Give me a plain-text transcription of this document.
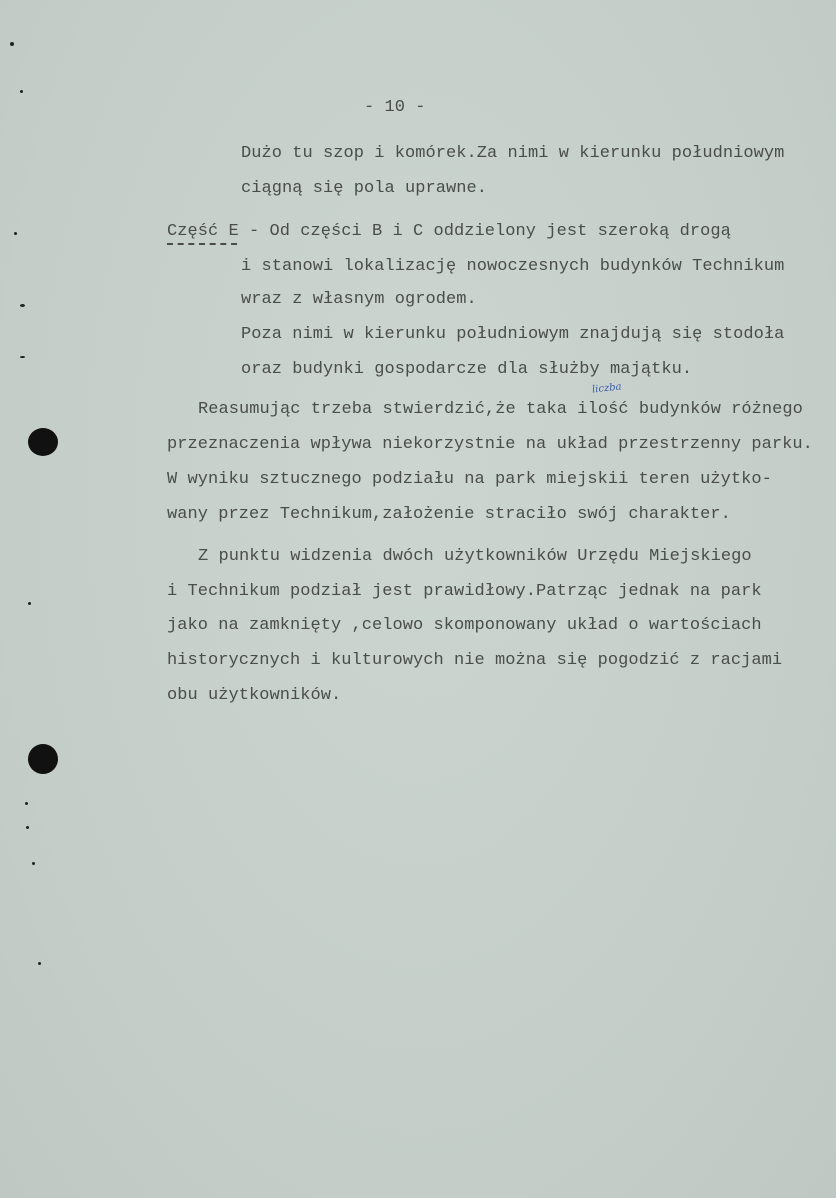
- 10 -
Dużo tu szop i komórek.Za nimi w kierunku południowym
ciągną się pola uprawne.
Część E - Od części B i C oddzielony jest szeroką drogą
i stanowi lokalizację nowoczesnych budynków Technikum
wraz z własnym ogrodem.
Poza nimi w kierunku południowym znajdują się stodoła
oraz budynki gospodarcze dla służby majątku.
liczba
Reasumując trzeba stwierdzić,że taka ilość budynków różnego
przeznaczenia wpływa niekorzystnie na układ przestrzenny parku.
W wyniku sztucznego podziału na park miejskii teren użytko-
wany przez Technikum,założenie straciło swój charakter.
Z punktu widzenia dwóch użytkowników Urzędu Miejskiego
i Technikum podział jest prawidłowy.Patrząc jednak na park
jako na zamknięty ,celowo skomponowany układ o wartościach
historycznych i kulturowych nie można się pogodzić z racjami
obu użytkowników.
